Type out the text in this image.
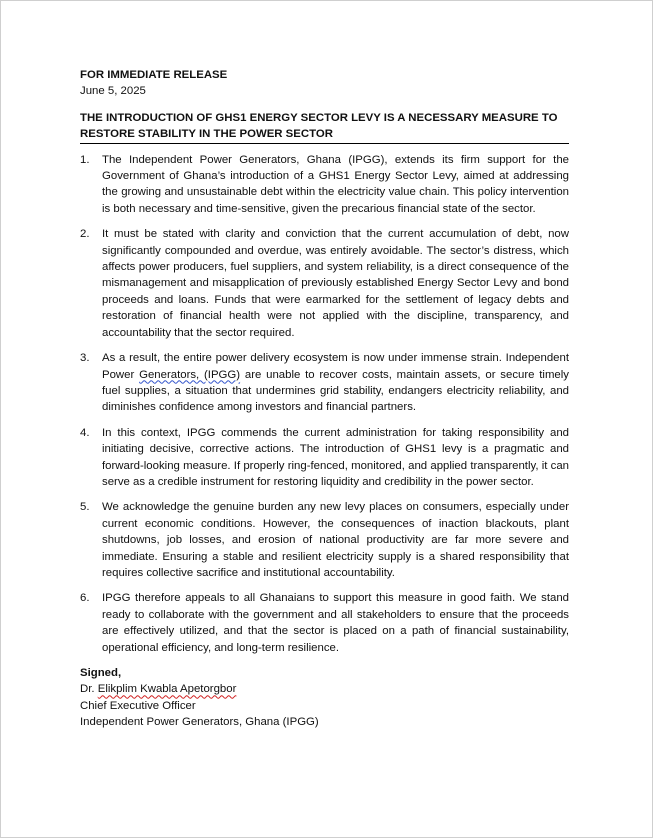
FOR IMMEDIATE RELEASE

June 5, 2025

THE INTRODUCTION OF GHS1 ENERGY SECTOR LEVY IS A NECESSARY MEASURE TO RESTORE STABILITY IN THE POWER SECTOR

1. The Independent Power Generators, Ghana (IPGG), extends its firm support for the Government of Ghana’s introduction of a GHS1 Energy Sector Levy, aimed at addressing the growing and unsustainable debt within the electricity value chain. This policy intervention is both necessary and time-sensitive, given the precarious financial state of the sector.
2. It must be stated with clarity and conviction that the current accumulation of debt, now significantly compounded and overdue, was entirely avoidable. The sector’s distress, which affects power producers, fuel suppliers, and system reliability, is a direct consequence of the mismanagement and misapplication of previously established Energy Sector Levy and bond proceeds and loans. Funds that were earmarked for the settlement of legacy debts and restoration of financial health were not applied with the discipline, transparency, and accountability that the sector required.
3. As a result, the entire power delivery ecosystem is now under immense strain. Independent Power Generators, (IPGG) are unable to recover costs, maintain assets, or secure timely fuel supplies, a situation that undermines grid stability, endangers electricity reliability, and diminishes confidence among investors and financial partners.
4. In this context, IPGG commends the current administration for taking responsibility and initiating decisive, corrective actions. The introduction of GHS1 levy is a pragmatic and forward-looking measure. If properly ring-fenced, monitored, and applied transparently, it can serve as a credible instrument for restoring liquidity and credibility in the power sector.
5. We acknowledge the genuine burden any new levy places on consumers, especially under current economic conditions. However, the consequences of inaction blackouts, plant shutdowns, job losses, and erosion of national productivity are far more severe and immediate. Ensuring a stable and resilient electricity supply is a shared responsibility that requires collective sacrifice and institutional accountability.
6. IPGG therefore appeals to all Ghanaians to support this measure in good faith. We stand ready to collaborate with the government and all stakeholders to ensure that the proceeds are effectively utilized, and that the sector is placed on a path of financial sustainability, operational efficiency, and long-term resilience.

Signed,

Dr. Elikplim Kwabla Apetorgbor

Chief Executive Officer

Independent Power Generators, Ghana (IPGG)
